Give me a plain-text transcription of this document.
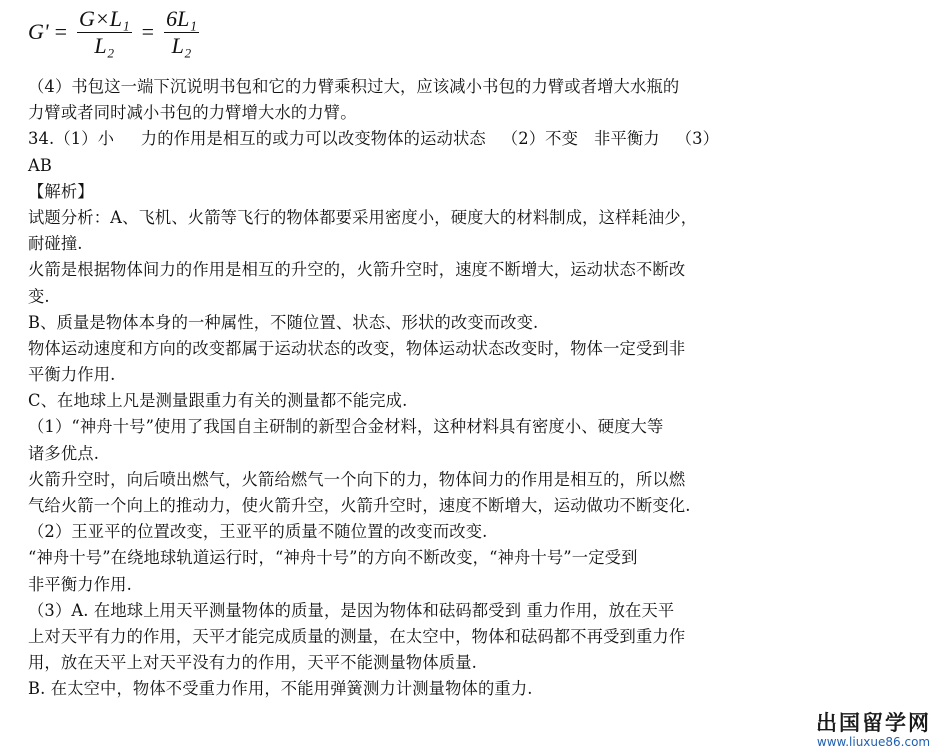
$G' = \frac{\text{G×L₁}}{\text{L₂}} = \frac{\text{6L₁}}{\text{L₂}}$
（4）书包这一端下沉说明书包和它的力臂乘积过大，应该减小书包的力臂或者增大水瓶的
力臂或者同时减小书包的力臂增大水的力臂。
34.（1）小     力的作用是相互的或力可以改变物体的运动状态   （2）不变   非平衡力   （3）
AB
【解析】
试题分析：A、飞机、火箭等飞行的物体都要采用密度小，硬度大的材料制成，这样耗油少，
耐碰撞.
火箭是根据物体间力的作用是相互的升空的，火箭升空时，速度不断增大，运动状态不断改
变.
B、质量是物体本身的一种属性，不随位置、状态、形状的改变而改变.
物体运动速度和方向的改变都属于运动状态的改变，物体运动状态改变时，物体一定受到非
平衡力作用.
C、在地球上凡是测量跟重力有关的测量都不能完成.
（1）“神舟十号”使用了我国自主研制的新型合金材料，这种材料具有密度小、硬度大等
诸多优点.
火箭升空时，向后喷出燃气，火箭给燃气一个向下的力，物体间力的作用是相互的，所以燃
气给火箭一个向上的推动力，使火箭升空，火箭升空时，速度不断增大，运动做功不断变化.
（2）王亚平的位置改变，王亚平的质量不随位置的改变而改变.
“神舟十号”在绕地球轨道运行时，“神舟十号”的方向不断改变，“神舟十号”一定受到
非平衡力作用.
（3）A. 在地球上用天平测量物体的质量，是因为物体和砝码都受到 重力作用，放在天平
上对天平有力的作用，天平才能完成质量的测量，在太空中，物体和砝码都不再受到重力作
用，放在天平上对天平没有力的作用，天平不能测量物体质量.
B. 在太空中，物体不受重力作用，不能用弹簧测力计测量物体的重力.
出国留学网
www.liuxue86.com
